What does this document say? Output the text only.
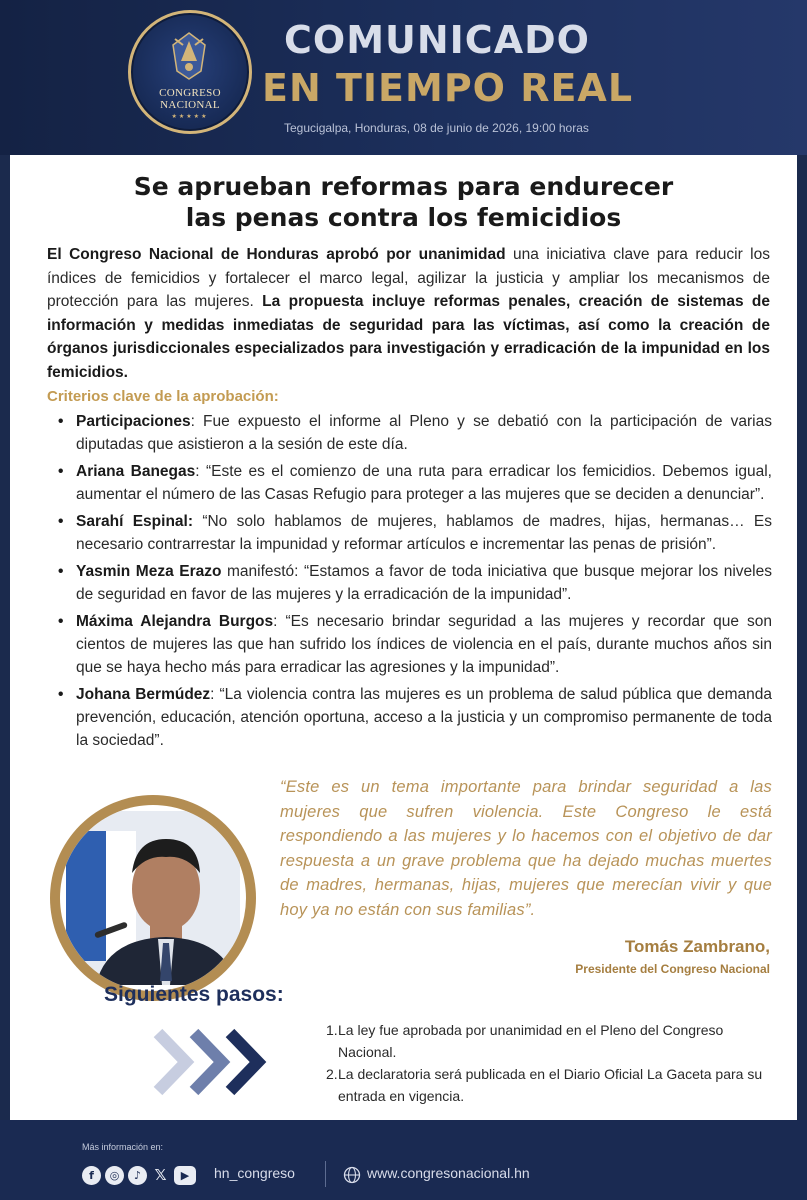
CONGRESO
NACIONAL
★★★★★
COMUNICADO
EN TIEMPO REAL
Tegucigalpa, Honduras, 08 de junio de 2026, 19:00 horas
Se aprueban reformas para endurecer
las penas contra los femicidios
El Congreso Nacional de Honduras aprobó por unanimidad una iniciativa clave para reducir los índices de femicidios y fortalecer el marco legal, agilizar la justicia y ampliar los mecanismos de protección para las mujeres. La propuesta incluye reformas penales, creación de sistemas de información y medidas inmediatas de seguridad para las víctimas, así como la creación de órganos jurisdiccionales especializados para investigación y erradicación de la impunidad en los femicidios.
Criterios clave de la aprobación:
• Participaciones: Fue expuesto el informe al Pleno y se debatió con la participación de varias diputadas que asistieron a la sesión de este día.
• Ariana Banegas: “Este es el comienzo de una ruta para erradicar los femicidios. Debemos igual, aumentar el número de las Casas Refugio para proteger a las mujeres que se deciden a denunciar”.
• Sarahí Espinal: “No solo hablamos de mujeres, hablamos de madres, hijas, hermanas… Es necesario contrarrestar la impunidad y reformar artículos e incrementar las penas de prisión”.
• Yasmin Meza Erazo manifestó: “Estamos a favor de toda iniciativa que busque mejorar los niveles de seguridad en favor de las mujeres y la erradicación de la impunidad”.
• Máxima Alejandra Burgos: “Es necesario brindar seguridad a las mujeres y recordar que son cientos de mujeres las que han sufrido los índices de violencia en el país, durante muchos años sin que se haya hecho más para erradicar las agresiones y la impunidad”.
• Johana Bermúdez: “La violencia contra las mujeres es un problema de salud pública que demanda prevención, educación, atención oportuna, acceso a la justicia y un compromiso permanente de toda la sociedad”.
“Este es un tema importante para brindar seguridad a las mujeres que sufren violencia. Este Congreso le está respondiendo a las mujeres y lo hacemos con el objetivo de dar respuesta a un grave problema que ha dejado muchas muertes de madres, hermanas, hijas, mujeres que merecían vivir y que hoy ya no están con sus familias”.
Tomás Zambrano,
Presidente del Congreso Nacional
Siguientes pasos:
1. La ley fue aprobada por unanimidad en el Pleno del Congreso Nacional.
2. La declaratoria será publicada en el Diario Oficial La Gaceta para su entrada en vigencia.
Más información en:
f	◎	♪ 𝕏	▶	hn_congreso	www.congresonacional.hn
